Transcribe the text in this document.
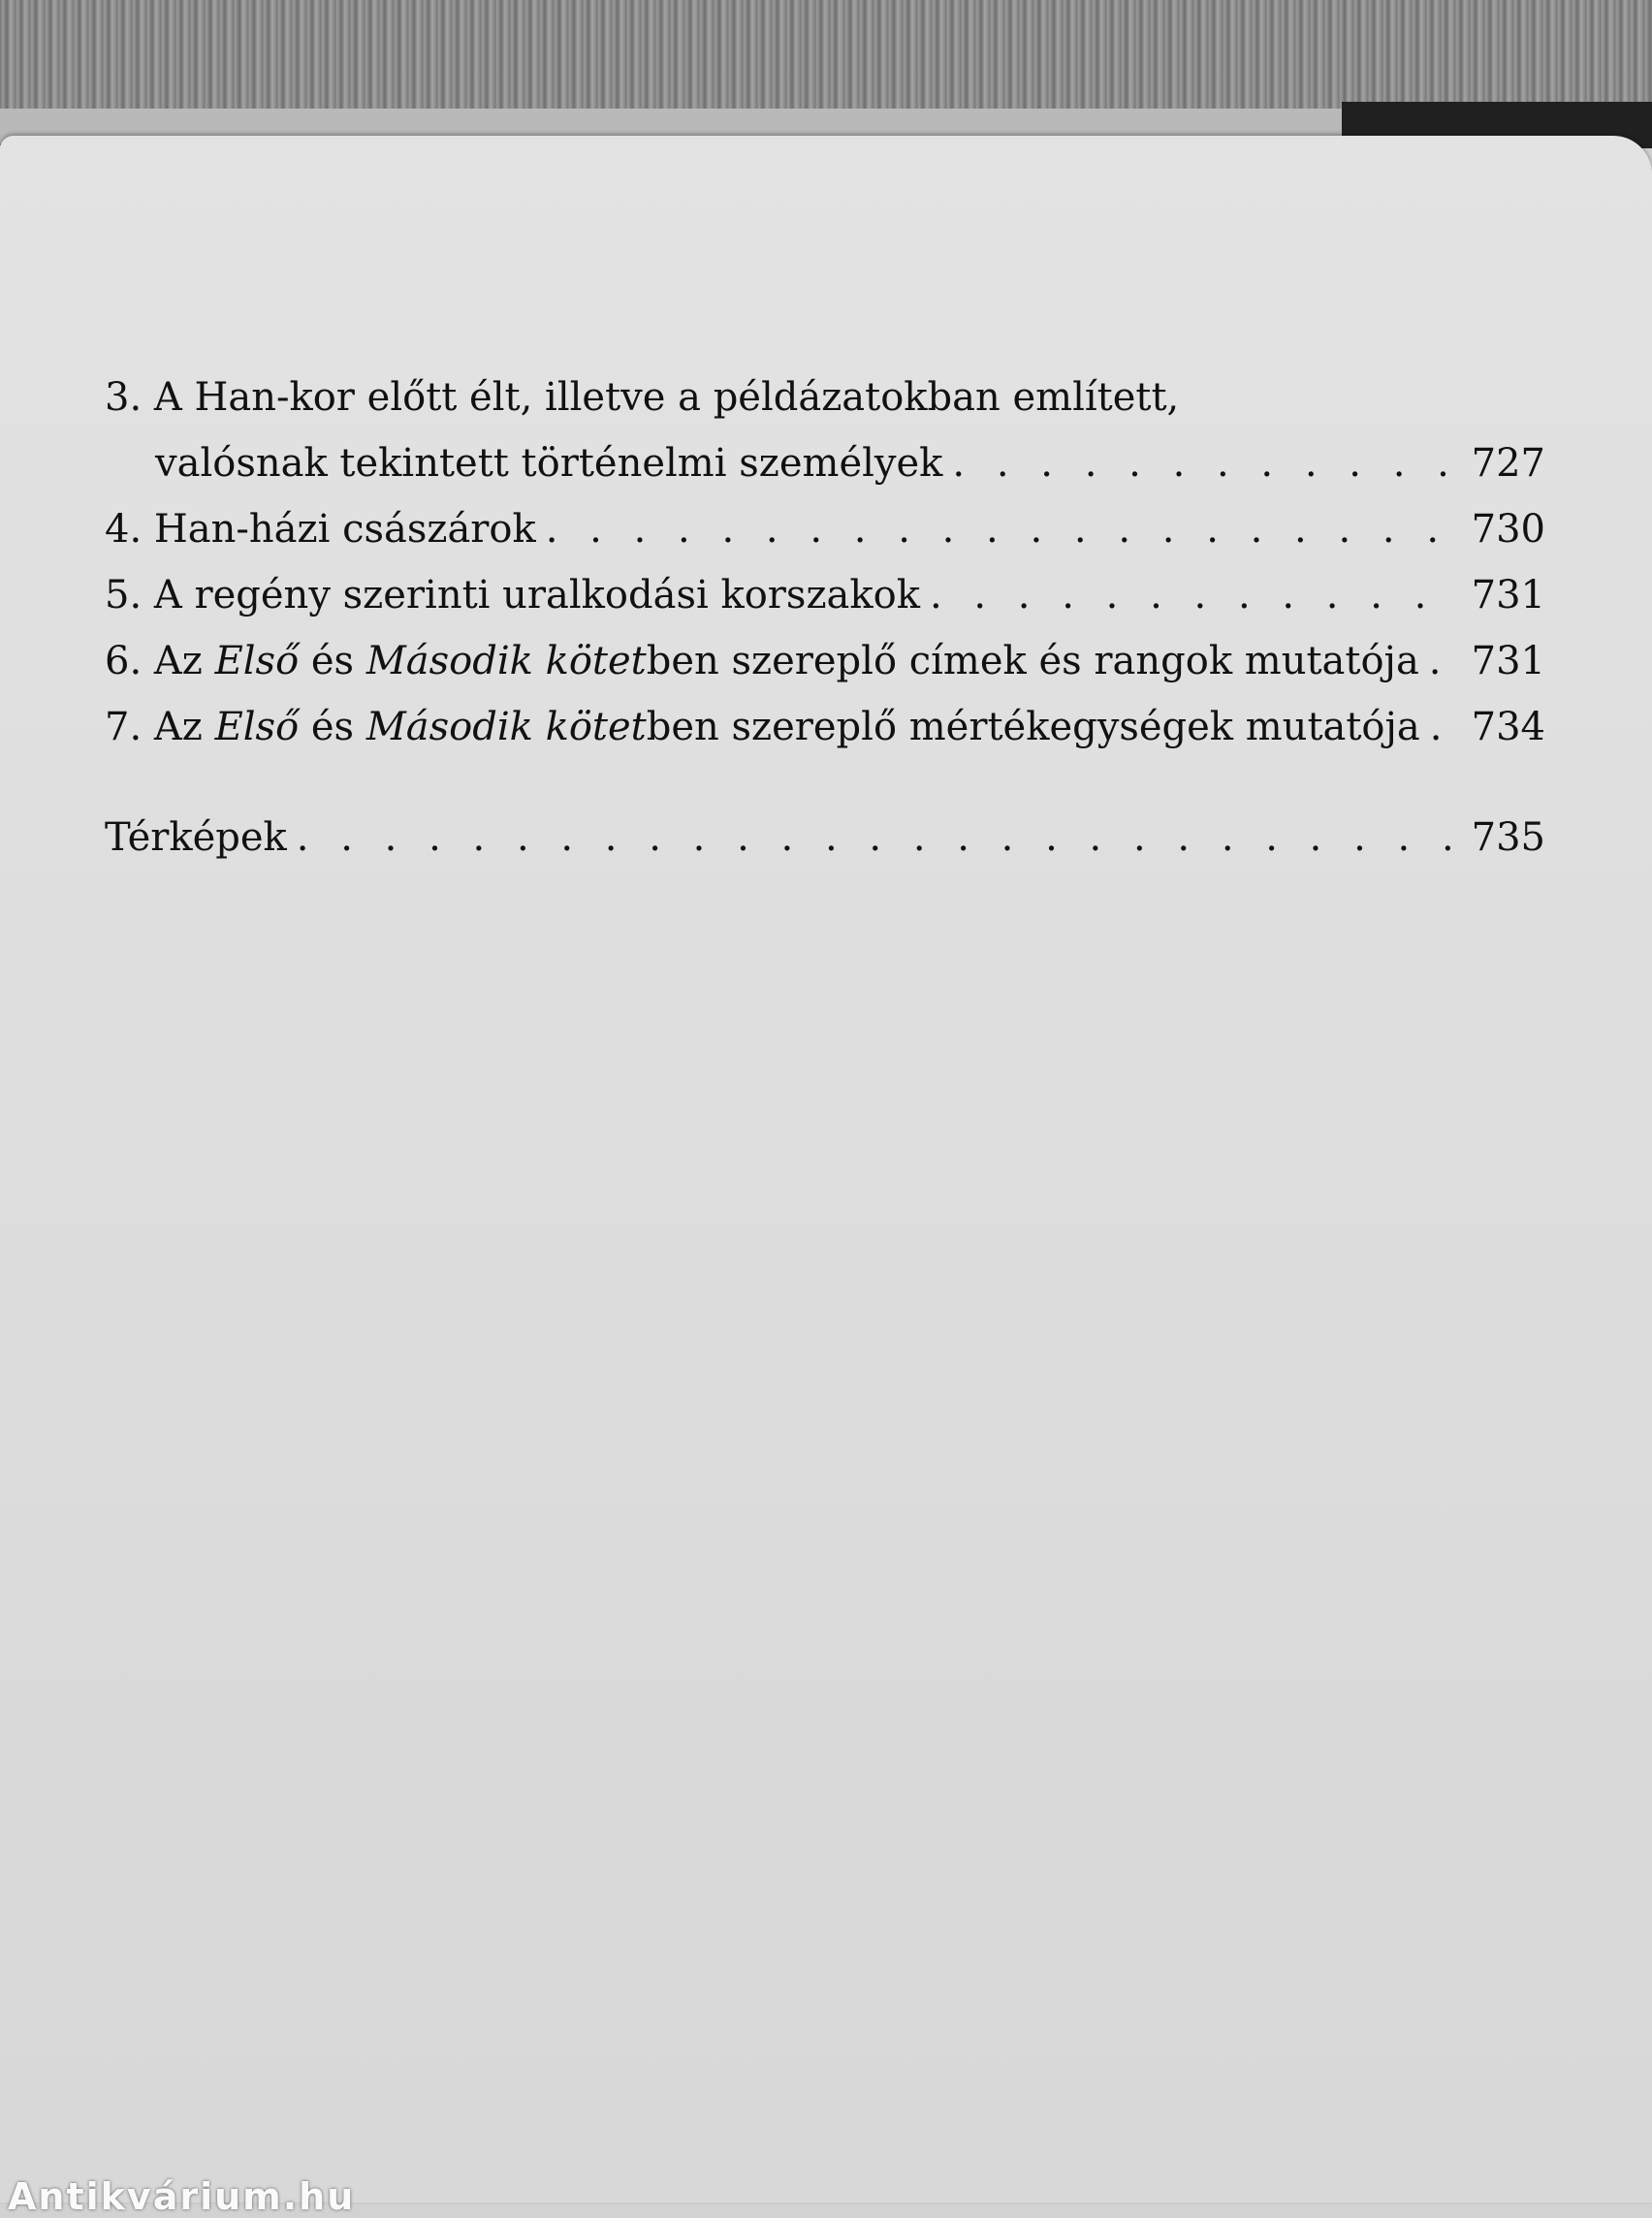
3. A Han-kor előtt élt, illetve a példázatokban említett,
valósnak tekintett történelmi személyek . . .	727
4. Han-házi császárok . . .	730
5. A regény szerinti uralkodási korszakok . . .	731
6. Az Első és Második kötetben szereplő címek és rangok mutatója . . . 731
7. Az Első és Második kötetben szereplő mértékegységek mutatója . . . 734
Térképek . . .	735
Antikvárium.hu
